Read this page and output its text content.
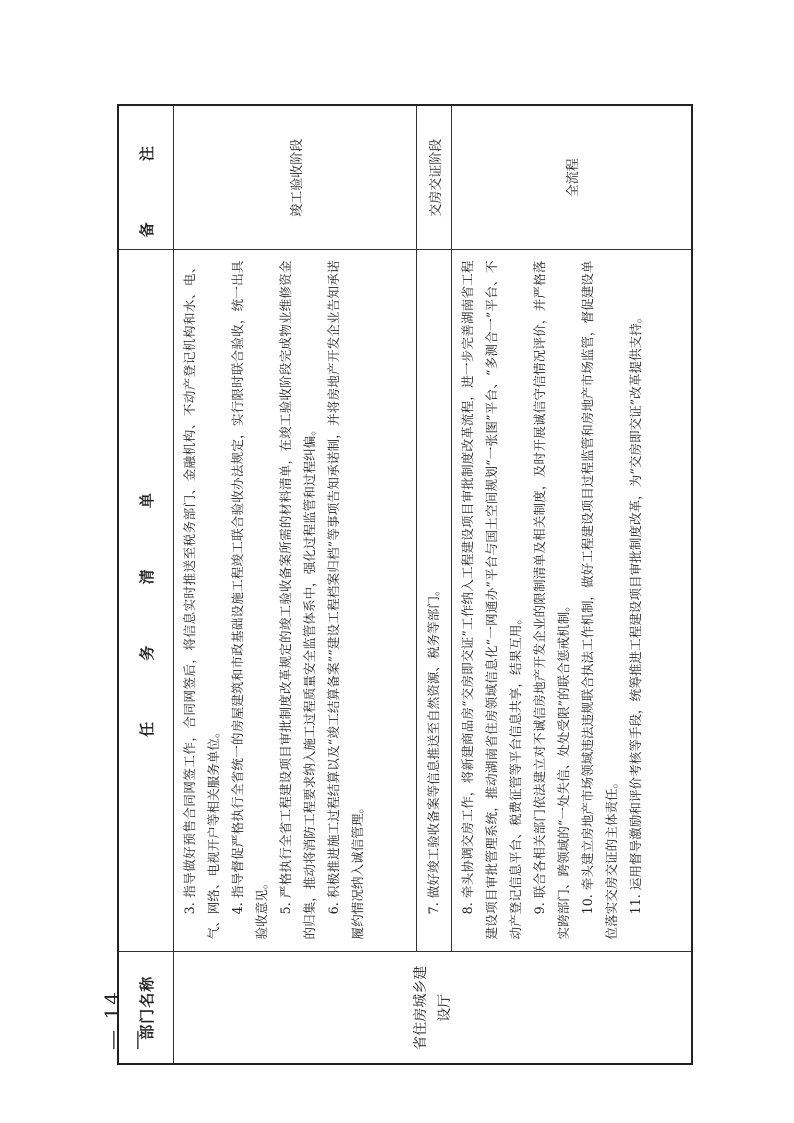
— 14 —
部门名称	任 务 清 单	备 注
省住房城乡建设厅	3. 指导做好预售合同网签工作，合同网签后，将信息实时推送至税务部门、金融机构、不动产登记机构和水、电、气、网络、电视开户等相关服务单位。 4. 指导督促严格执行全省统一的房屋建筑和市政基础设施工程竣工联合验收办法规定，实行限时联合验收，统一出具验收意见。 5. 严格执行全省工程建设项目审批制度改革规定的竣工验收备案所需的材料清单，在竣工验收阶段完成物业维修资金的归集，推动将消防工程要求纳入施工过程质量安全监管体系中，强化过程监管和过程纠偏。 6. 积极推进施工过程结算以及“竣工结算备案”“建设工程档案归档”等事项告知承诺制，并将房地产开发企业告知承诺履约情况纳入诚信管理。	竣工验收阶段

	7. 做好竣工验收备案等信息推送至自然资源、税务等部门。	交房交证阶段

	8. 牵头协调交房工作，将新建商品房“交房即交证”工作纳入工程建设项目审批制度改革流程，进一步完善湖南省工程建设项目审批管理系统，推动湖南省住房领域信息化“一网通办”平台与国土空间规划“一张图”平台、“多测合一”平台、不动产登记信息平台、税费征管等平台信息共享，结果互用。 9. 联合各相关部门依法建立对不诚信房地产开发企业的限制清单及相关制度，及时开展诚信守信情况评价，并严格落实跨部门、跨领域的“一处失信、处处受限”的联合惩戒机制。 10. 牵头建立房地产市场领域违法违规联合执法工作机制，做好工程建设项目过程监管和房地产市场监管，督促建设单位落实交房交证的主体责任。 11. 运用督导激励和评价考核等手段，统筹推进工程建设项目审批制度改革，为“交房即交证”改革提供支持。	全流程
